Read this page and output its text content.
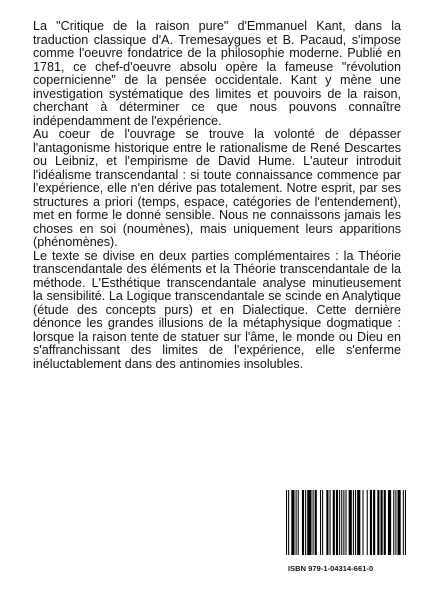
La "Critique de la raison pure" d'Emmanuel Kant, dans la traduction classique d'A. Tremesaygues et B. Pacaud, s'impose comme l'oeuvre fondatrice de la philosophie moderne. Publié en 1781, ce chef-d'oeuvre absolu opère la fameuse "révolution copernicienne" de la pensée occidentale. Kant y mène une investigation systématique des limites et pouvoirs de la raison, cherchant à déterminer ce que nous pouvons connaître indépendamment de l'expérience.

Au coeur de l'ouvrage se trouve la volonté de dépasser l'antagonisme historique entre le rationalisme de René Descartes ou Leibniz, et l'empirisme de David Hume. L'auteur introduit l'idéalisme transcendantal : si toute connaissance commence par l'expérience, elle n'en dérive pas totalement. Notre esprit, par ses structures a priori (temps, espace, catégories de l'entendement), met en forme le donné sensible. Nous ne connaissons jamais les choses en soi (noumènes), mais uniquement leurs apparitions (phénomènes).

Le texte se divise en deux parties complémentaires : la Théorie transcendantale des éléments et la Théorie transcendantale de la méthode. L'Esthétique transcendantale analyse minutieusement la sensibilité. La Logique transcendantale se scinde en Analytique (étude des concepts purs) et en Dialectique. Cette dernière dénonce les grandes illusions de la métaphysique dogmatique : lorsque la raison tente de statuer sur l'âme, le monde ou Dieu en s'affranchissant des limites de l'expérience, elle s'enferme inéluctablement dans des antinomies insolubles.

ISBN 979-1-04314-661-0
